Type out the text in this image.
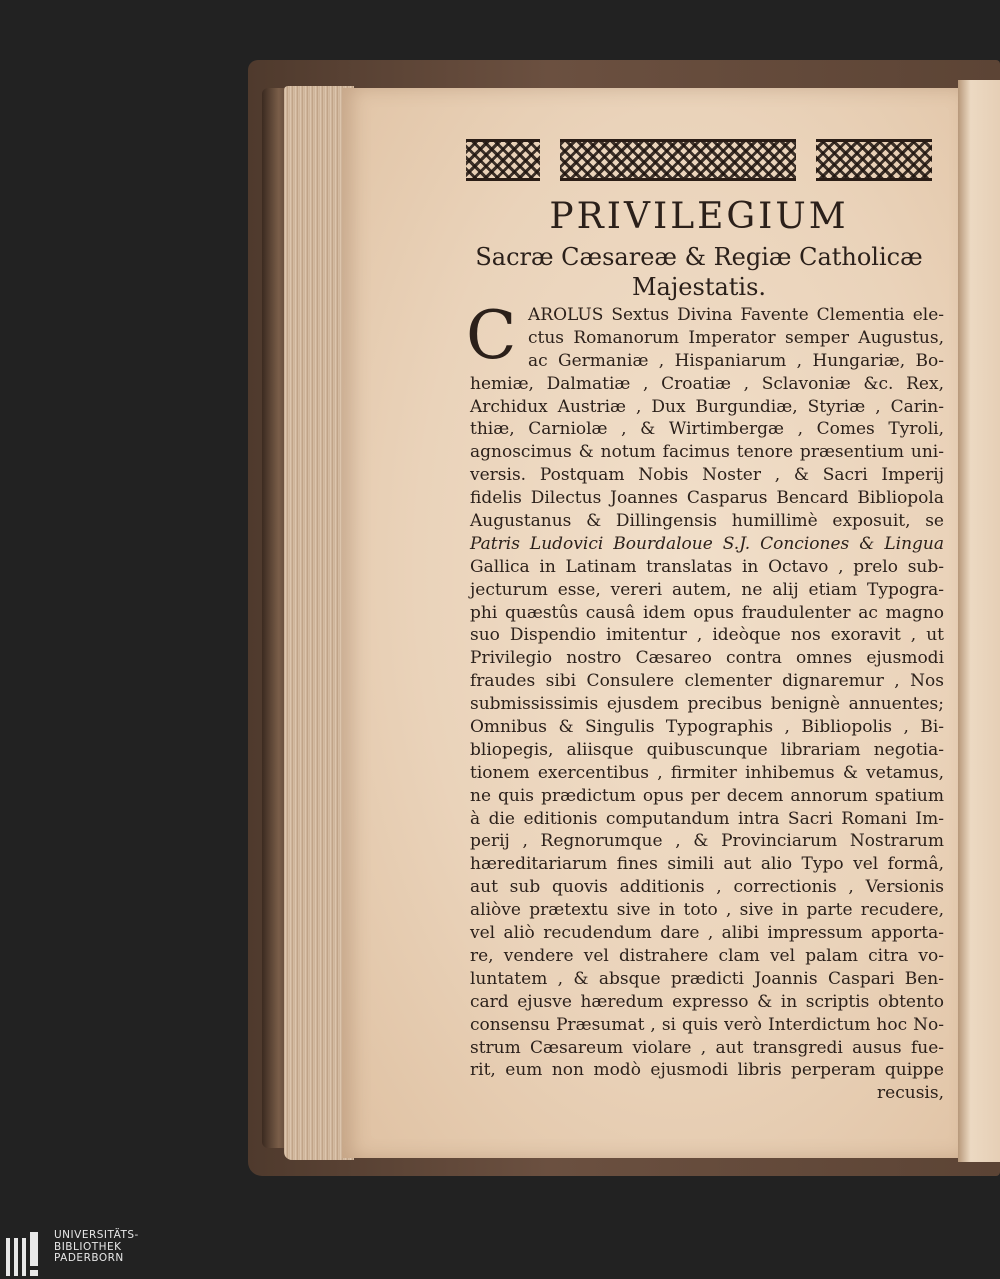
PRIVILEGIUM
Sacræ Cæsareæ & Regiæ Catholicæ
Majestatis.
C AROLUS Sextus Divina Favente Clementia ele-
ctus Romanorum Imperator semper Augustus,
ac Germaniæ , Hispaniarum , Hungariæ, Bo-
hemiæ, Dalmatiæ , Croatiæ , Sclavoniæ &c. Rex,
Archidux Austriæ , Dux Burgundiæ, Styriæ , Carin-
thiæ, Carniolæ , & Wirtimbergæ , Comes Tyroli,
agnoscimus & notum facimus tenore præsentium uni-
versis. Postquam Nobis Noster , & Sacri Imperij
fidelis Dilectus Joannes Casparus Bencard Bibliopola
Augustanus & Dillingensis humillimè exposuit, se
Patris Ludovici Bourdaloue S.J. Conciones & Lingua
Gallica in Latinam translatas in Octavo , prelo sub-
jecturum esse, vereri autem, ne alij etiam Typogra-
phi quæstûs causâ idem opus fraudulenter ac magno
suo Dispendio imitentur , ideòque nos exoravit , ut
Privilegio nostro Cæsareo contra omnes ejusmodi
fraudes sibi Consulere clementer dignaremur , Nos
submississimis ejusdem precibus benignè annuentes;
Omnibus & Singulis Typographis , Bibliopolis , Bi-
bliopegis, aliisque quibuscunque librariam negotia-
tionem exercentibus , firmiter inhibemus & vetamus,
ne quis prædictum opus per decem annorum spatium
à die editionis computandum intra Sacri Romani Im-
perij , Regnorumque , & Provinciarum Nostrarum
hæreditariarum fines simili aut alio Typo vel formâ,
aut sub quovis additionis , correctionis , Versionis
aliòve prætextu sive in toto , sive in parte recudere,
vel aliò recudendum dare , alibi impressum apporta-
re, vendere vel distrahere clam vel palam citra vo-
luntatem , & absque prædicti Joannis Caspari Ben-
card ejusve hæredum expresso & in scriptis obtento
consensu Præsumat , si quis verò Interdictum hoc No-
strum Cæsareum violare , aut transgredi ausus fue-
rit, eum non modò ejusmodi libris perperam quippe
recusis,
UNIVERSITÄTS-
BIBLIOTHEK
PADERBORN
